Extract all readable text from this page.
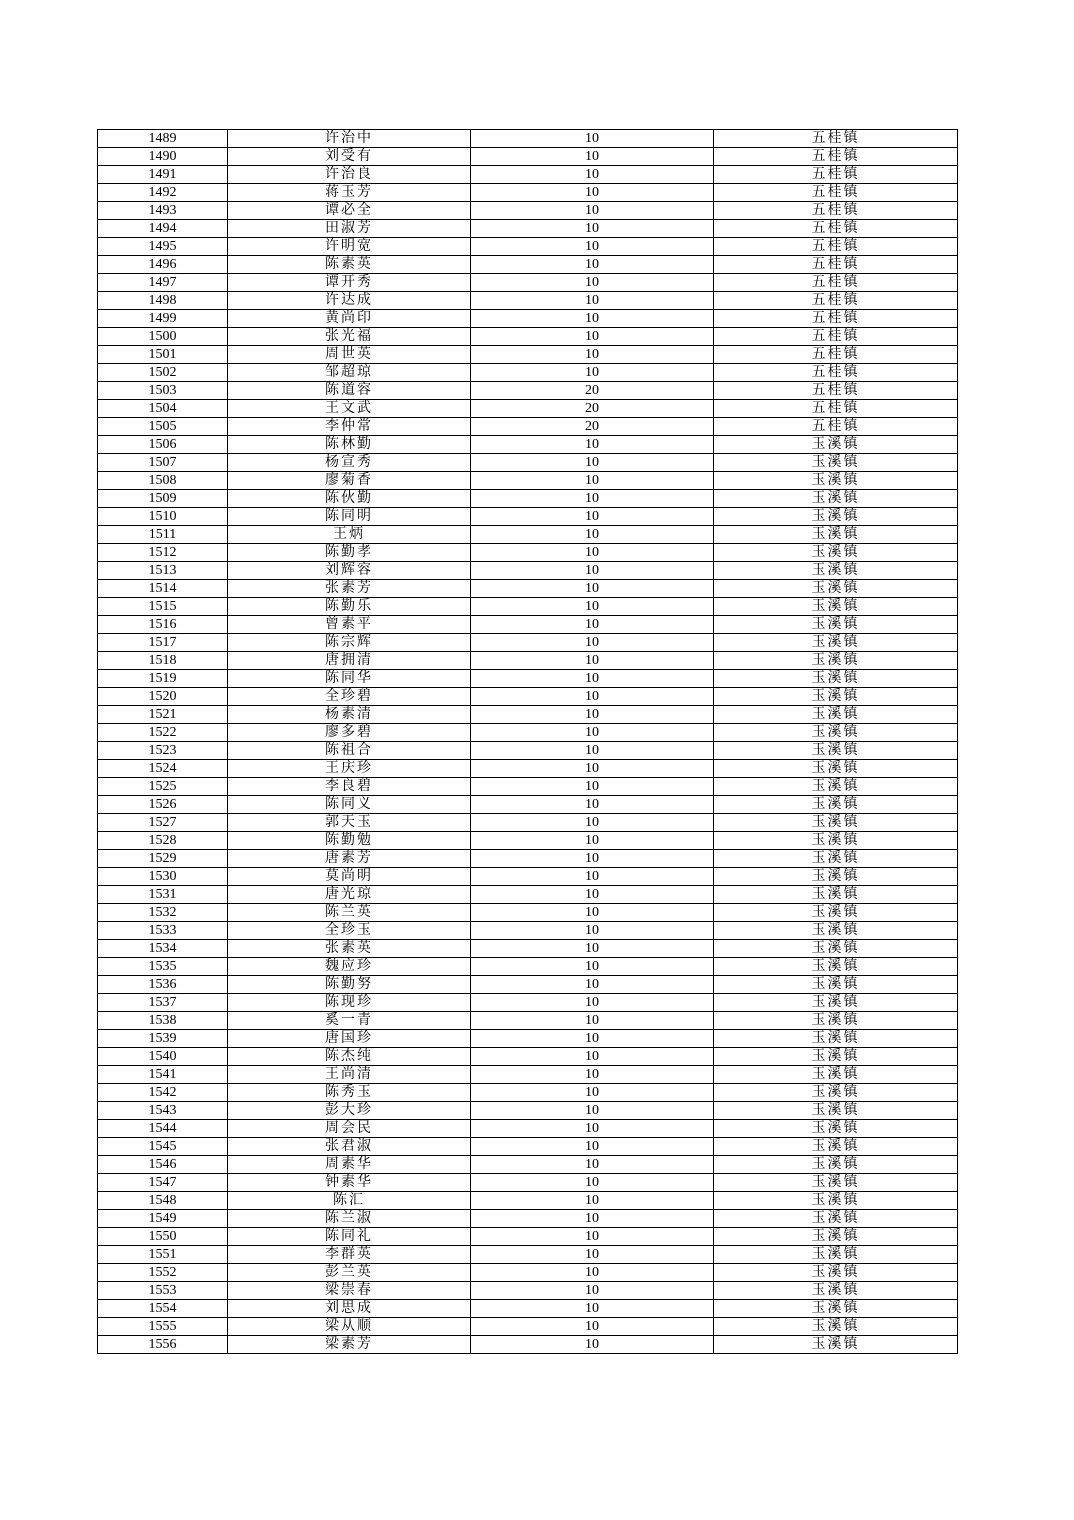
1489	许治中	10	五桂镇
1490	刘受有	10	五桂镇
1491	许治良	10	五桂镇
1492	蒋玉芳	10	五桂镇
1493	谭必全	10	五桂镇
1494	田淑芳	10	五桂镇
1495	许明宽	10	五桂镇
1496	陈素英	10	五桂镇
1497	谭开秀	10	五桂镇
1498	许达成	10	五桂镇
1499	黄尚印	10	五桂镇
1500	张光福	10	五桂镇
1501	周世英	10	五桂镇
1502	邹超琼	10	五桂镇
1503	陈道容	20	五桂镇
1504	王文武	20	五桂镇
1505	李仲常	20	五桂镇
1506	陈林勤	10	玉溪镇
1507	杨宣秀	10	玉溪镇
1508	廖菊香	10	玉溪镇
1509	陈伙勤	10	玉溪镇
1510	陈同明	10	玉溪镇
1511	王炳	10	玉溪镇
1512	陈勤孝	10	玉溪镇
1513	刘辉容	10	玉溪镇
1514	张素芳	10	玉溪镇
1515	陈勤乐	10	玉溪镇
1516	曾素平	10	玉溪镇
1517	陈宗辉	10	玉溪镇
1518	唐拥清	10	玉溪镇
1519	陈同华	10	玉溪镇
1520	全珍碧	10	玉溪镇
1521	杨素清	10	玉溪镇
1522	廖多碧	10	玉溪镇
1523	陈祖合	10	玉溪镇
1524	王庆珍	10	玉溪镇
1525	李良碧	10	玉溪镇
1526	陈同义	10	玉溪镇
1527	郭天玉	10	玉溪镇
1528	陈勤勉	10	玉溪镇
1529	唐素芳	10	玉溪镇
1530	莫尚明	10	玉溪镇
1531	唐光琼	10	玉溪镇
1532	陈兰英	10	玉溪镇
1533	全珍玉	10	玉溪镇
1534	张素英	10	玉溪镇
1535	魏应珍	10	玉溪镇
1536	陈勤努	10	玉溪镇
1537	陈现珍	10	玉溪镇
1538	奚一青	10	玉溪镇
1539	唐国珍	10	玉溪镇
1540	陈杰纯	10	玉溪镇
1541	王尚清	10	玉溪镇
1542	陈秀玉	10	玉溪镇
1543	彭大珍	10	玉溪镇
1544	周会民	10	玉溪镇
1545	张君淑	10	玉溪镇
1546	周素华	10	玉溪镇
1547	钟素华	10	玉溪镇
1548	陈汇	10	玉溪镇
1549	陈兰淑	10	玉溪镇
1550	陈同礼	10	玉溪镇
1551	李群英	10	玉溪镇
1552	彭兰英	10	玉溪镇
1553	梁崇春	10	玉溪镇
1554	刘思成	10	玉溪镇
1555	梁从顺	10	玉溪镇
1556	梁素芳	10	玉溪镇
